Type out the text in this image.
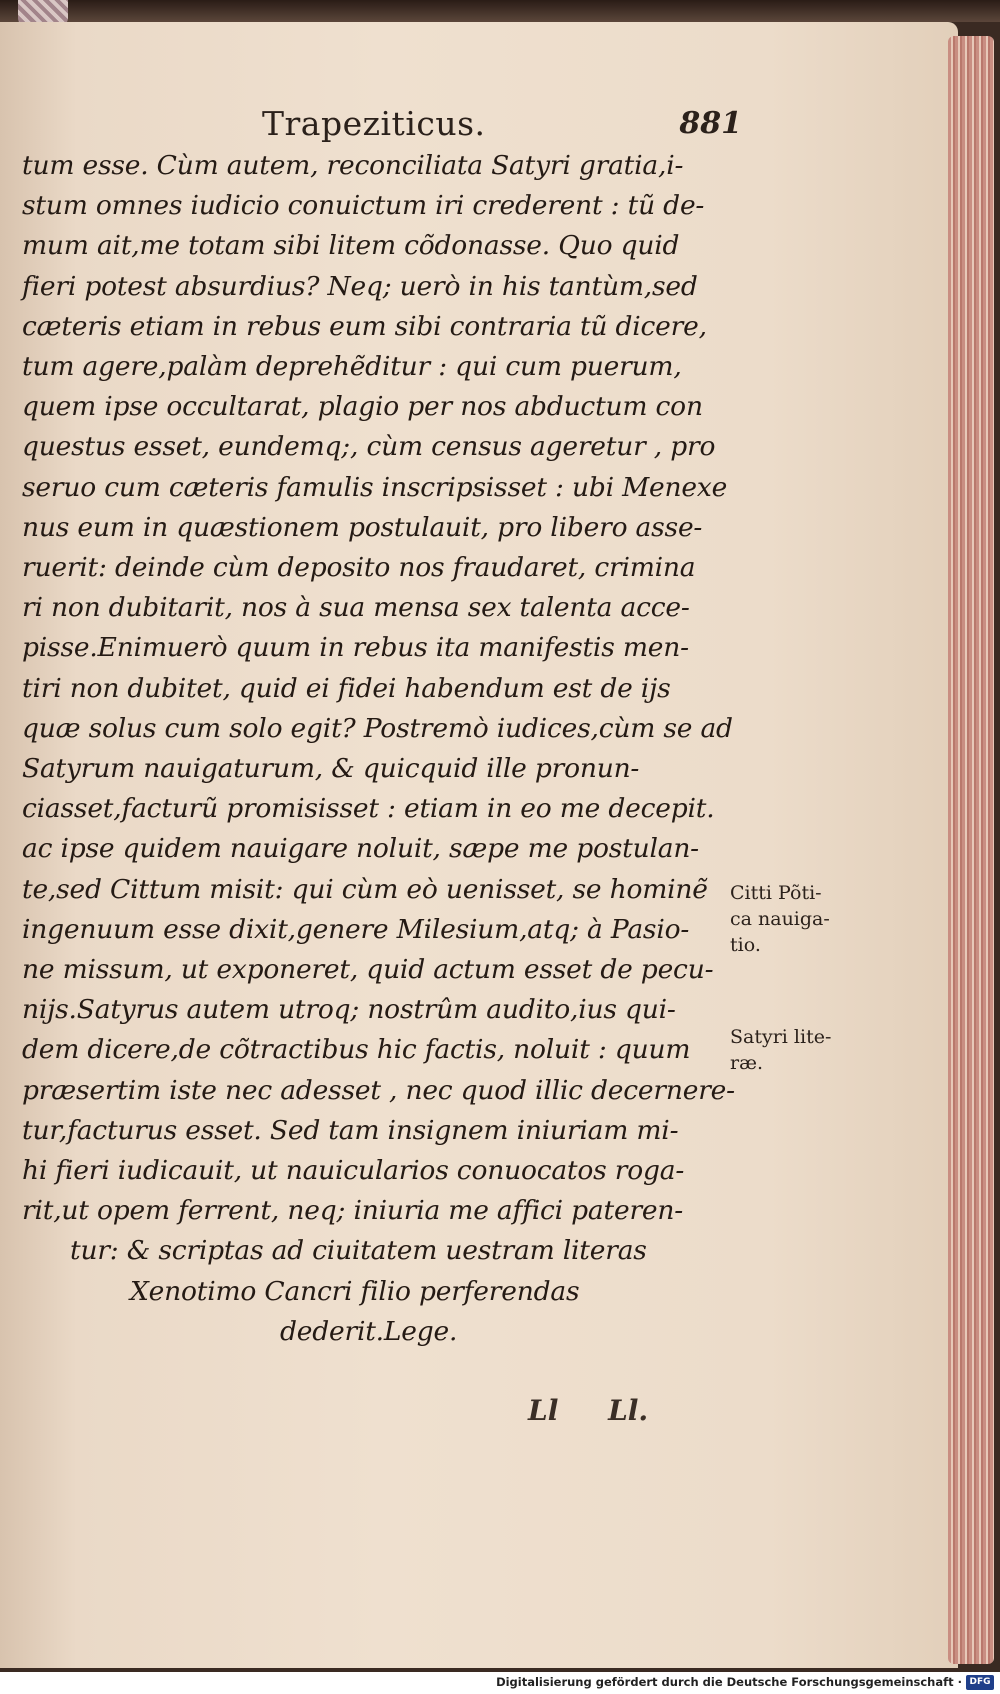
Trapeziticus.	881
tum esse. Cùm autem, reconciliata Satyri gratia,i-
stum omnes iudicio conuictum iri crederent : tũ de-
mum ait,me totam sibi litem cõdonasse. Quo quid
fieri potest absurdius? Neq; uerò in his tantùm,sed
cæteris etiam in rebus eum sibi contraria tũ dicere,
tum agere,palàm deprehẽditur : qui cum puerum,
quem ipse occultarat, plagio per nos abductum con
questus esset, eundemq;, cùm census ageretur , pro
seruo cum cæteris famulis inscripsisset : ubi Menexe
nus eum in quæstionem postulauit, pro libero asse-
ruerit: deinde cùm deposito nos fraudaret, crimina
ri non dubitarit, nos à sua mensa sex talenta acce-
pisse.Enimuerò quum in rebus ita manifestis men-
tiri non dubitet, quid ei fidei habendum est de ijs
quæ solus cum solo egit? Postremò iudices,cùm se ad
Satyrum nauigaturum, & quicquid ille pronun-
ciasset,facturũ promisisset : etiam in eo me decepit.
ac ipse quidem nauigare noluit, sæpe me postulan-
te,sed Cittum misit: qui cùm eò uenisset, se hominẽ
ingenuum esse dixit,genere Milesium,atq; à Pasio-
ne missum, ut exponeret, quid actum esset de pecu-
nijs.Satyrus autem utroq; nostrûm audito,ius qui-
dem dicere,de cõtractibus hic factis, noluit : quum
præsertim iste nec adesset , nec quod illic decernere-
tur,facturus esset. Sed tam insignem iniuriam mi-
hi fieri iudicauit, ut nauicularios conuocatos roga-
rit,ut opem ferrent, neq; iniuria me affici pateren-
tur: & scriptas ad ciuitatem uestram literas
Xenotimo Cancri filio perferendas
dederit.Lege.
Citti Põti-
ca nauiga-
tio.
Satyri lite-
ræ.
Ll Ll.
Digitalisierung gefördert durch die Deutsche Forschungsgemeinschaft · DFG
